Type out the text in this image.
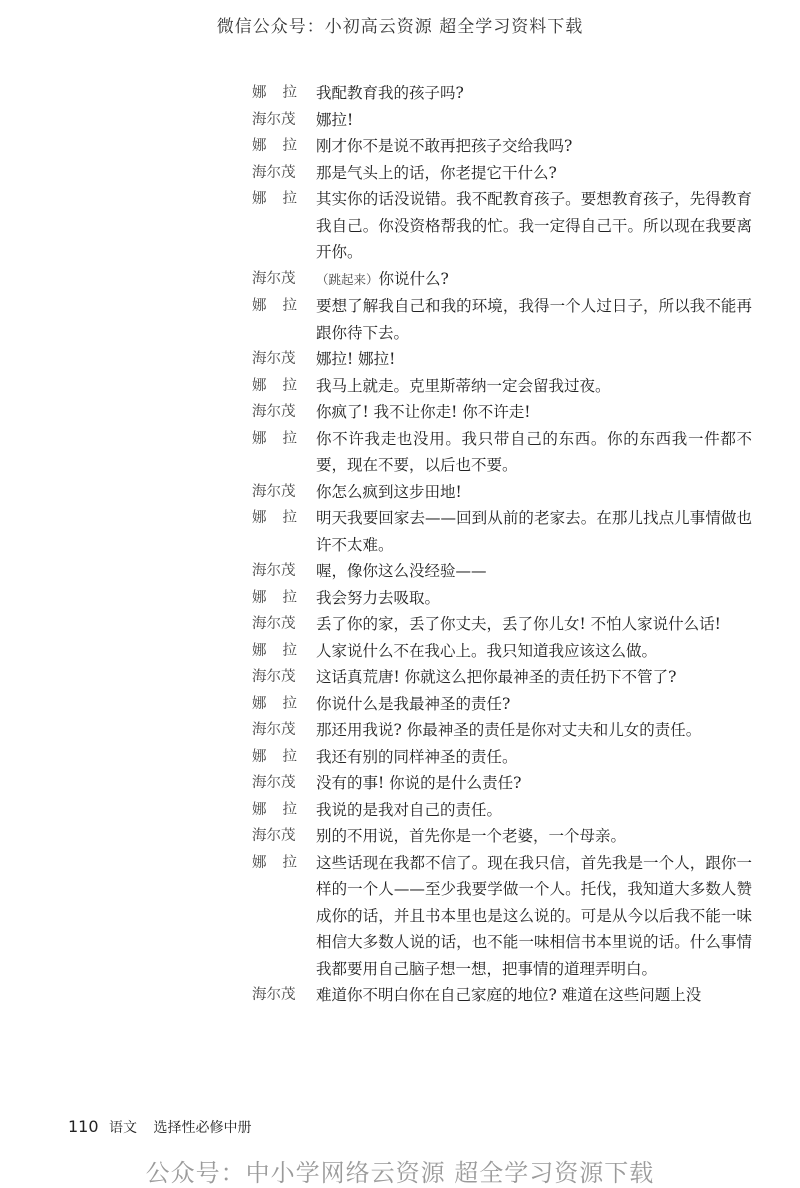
微信公众号：小初高云资源 超全学习资料下载
娜拉 我配教育我的孩子吗?
海尔茂	娜拉!
娜拉 刚才你不是说不敢再把孩子交给我吗?
海尔茂	那是气头上的话，你老提它干什么?
娜拉 其实你的话没说错。我不配教育孩子。要想教育孩子，先得教育我自己。你没资格帮我的忙。我一定得自己干。所以现在我要离开你。
海尔茂	（跳起来）你说什么?
娜拉 要想了解我自己和我的环境，我得一个人过日子，所以我不能再跟你待下去。
海尔茂	娜拉! 娜拉!
娜拉 我马上就走。克里斯蒂纳一定会留我过夜。
海尔茂	你疯了! 我不让你走! 你不许走!
娜拉 你不许我走也没用。我只带自己的东西。你的东西我一件都不要，现在不要，以后也不要。
海尔茂	你怎么疯到这步田地!
娜拉 明天我要回家去——回到从前的老家去。在那儿找点儿事情做也许不太难。
海尔茂	喔，像你这么没经验——
娜拉 我会努力去吸取。
海尔茂	丢了你的家，丢了你丈夫，丢了你儿女! 不怕人家说什么话!
娜拉 人家说什么不在我心上。我只知道我应该这么做。
海尔茂	这话真荒唐! 你就这么把你最神圣的责任扔下不管了?
娜拉 你说什么是我最神圣的责任?
海尔茂	那还用我说? 你最神圣的责任是你对丈夫和儿女的责任。
娜拉 我还有别的同样神圣的责任。
海尔茂	没有的事! 你说的是什么责任?
娜拉 我说的是我对自己的责任。
海尔茂	别的不用说，首先你是一个老婆，一个母亲。
娜拉 这些话现在我都不信了。现在我只信，首先我是一个人，跟你一样的一个人——至少我要学做一个人。托伐，我知道大多数人赞成你的话，并且书本里也是这么说的。可是从今以后我不能一味相信大多数人说的话，也不能一味相信书本里说的话。什么事情我都要用自己脑子想一想，把事情的道理弄明白。
海尔茂	难道你不明白你在自己家庭的地位? 难道在这些问题上没
110 语文 选择性必修中册
公众号：中小学网络云资源 超全学习资源下载
